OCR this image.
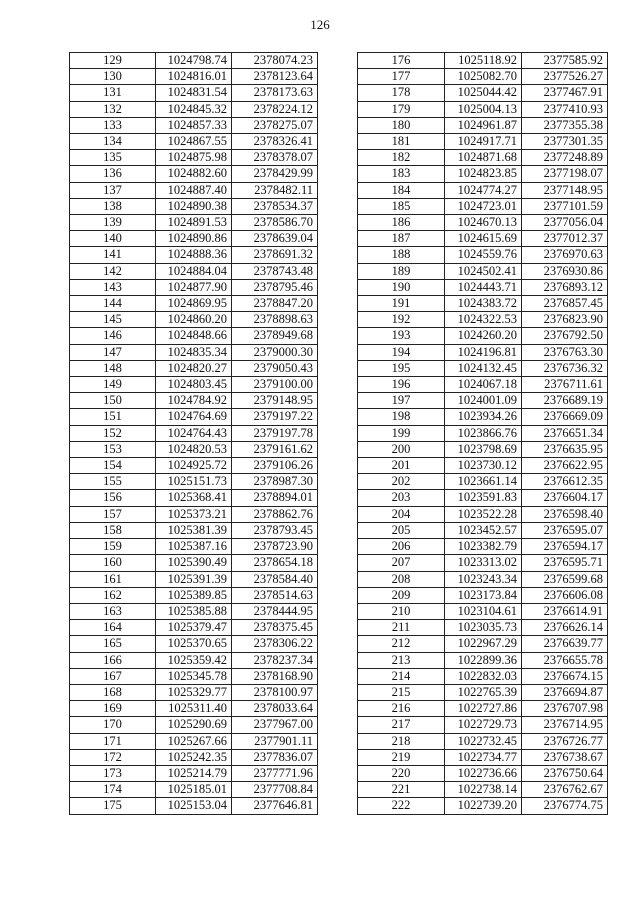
126
129	1024798.74	2378074.23
130	1024816.01	2378123.64
131	1024831.54	2378173.63
132	1024845.32	2378224.12
133	1024857.33	2378275.07
134	1024867.55	2378326.41
135	1024875.98	2378378.07
136	1024882.60	2378429.99
137	1024887.40	2378482.11
138	1024890.38	2378534.37
139	1024891.53	2378586.70
140	1024890.86	2378639.04
141	1024888.36	2378691.32
142	1024884.04	2378743.48
143	1024877.90	2378795.46
144	1024869.95	2378847.20
145	1024860.20	2378898.63
146	1024848.66	2378949.68
147	1024835.34	2379000.30
148	1024820.27	2379050.43
149	1024803.45	2379100.00
150	1024784.92	2379148.95
151	1024764.69	2379197.22
152	1024764.43	2379197.78
153	1024820.53	2379161.62
154	1024925.72	2379106.26
155	1025151.73	2378987.30
156	1025368.41	2378894.01
157	1025373.21	2378862.76
158	1025381.39	2378793.45
159	1025387.16	2378723.90
160	1025390.49	2378654.18
161	1025391.39	2378584.40
162	1025389.85	2378514.63
163	1025385.88	2378444.95
164	1025379.47	2378375.45
165	1025370.65	2378306.22
166	1025359.42	2378237.34
167	1025345.78	2378168.90
168	1025329.77	2378100.97
169	1025311.40	2378033.64
170	1025290.69	2377967.00
171	1025267.66	2377901.11
172	1025242.35	2377836.07
173	1025214.79	2377771.96
174	1025185.01	2377708.84
175	1025153.04	2377646.81
176	1025118.92	2377585.92
177	1025082.70	2377526.27
178	1025044.42	2377467.91
179	1025004.13	2377410.93
180	1024961.87	2377355.38
181	1024917.71	2377301.35
182	1024871.68	2377248.89
183	1024823.85	2377198.07
184	1024774.27	2377148.95
185	1024723.01	2377101.59
186	1024670.13	2377056.04
187	1024615.69	2377012.37
188	1024559.76	2376970.63
189	1024502.41	2376930.86
190	1024443.71	2376893.12
191	1024383.72	2376857.45
192	1024322.53	2376823.90
193	1024260.20	2376792.50
194	1024196.81	2376763.30
195	1024132.45	2376736.32
196	1024067.18	2376711.61
197	1024001.09	2376689.19
198	1023934.26	2376669.09
199	1023866.76	2376651.34
200	1023798.69	2376635.95
201	1023730.12	2376622.95
202	1023661.14	2376612.35
203	1023591.83	2376604.17
204	1023522.28	2376598.40
205	1023452.57	2376595.07
206	1023382.79	2376594.17
207	1023313.02	2376595.71
208	1023243.34	2376599.68
209	1023173.84	2376606.08
210	1023104.61	2376614.91
211	1023035.73	2376626.14
212	1022967.29	2376639.77
213	1022899.36	2376655.78
214	1022832.03	2376674.15
215	1022765.39	2376694.87
216	1022727.86	2376707.98
217	1022729.73	2376714.95
218	1022732.45	2376726.77
219	1022734.77	2376738.67
220	1022736.66	2376750.64
221	1022738.14	2376762.67
222	1022739.20	2376774.75
